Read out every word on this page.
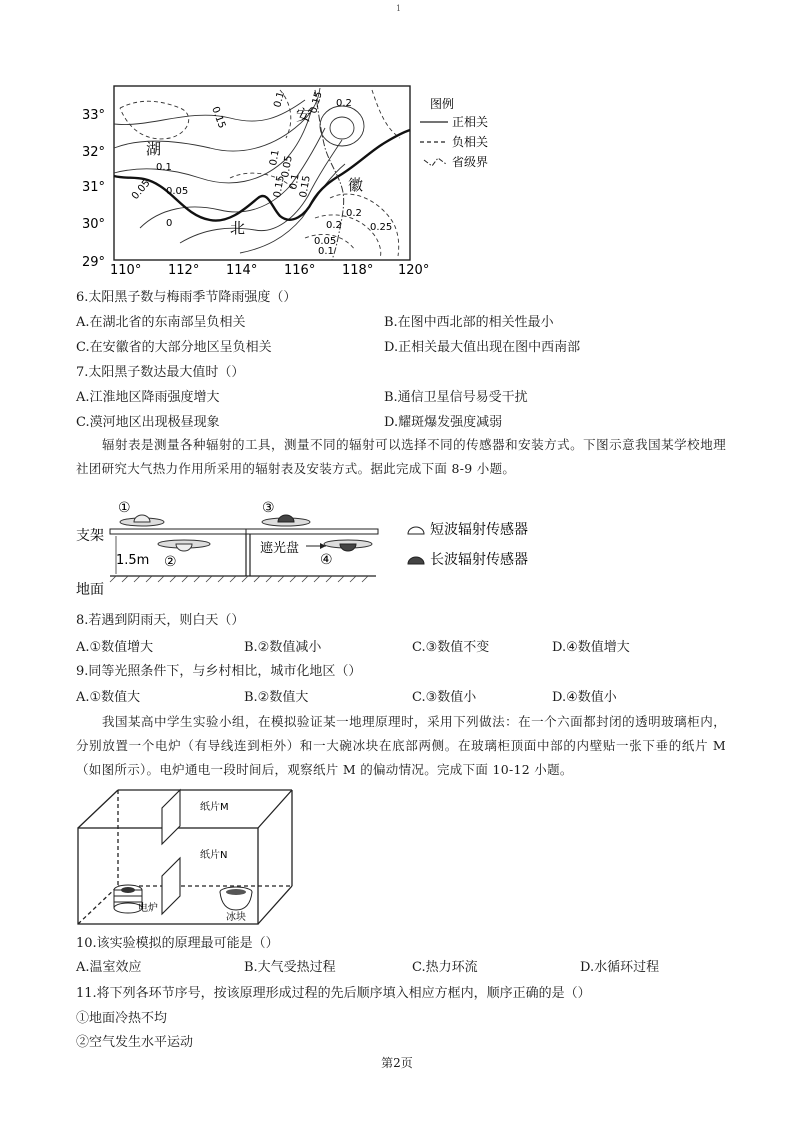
1
33°
32°
31°
30°
29°
110° 112° 114° 116° 118° 120°
湖
北
安
徽
0.15
0.1
0.05
0
0.1 0.15 0.2
0.2
0.25
0.05
0.1
0.15
0.2
0.1
0.15
0.05
0.1
0.05
图例
正相关
负相关
省级界
6.太阳黑子数与梅雨季节降雨强度（）
A.在湖北省的东南部呈负相关	B.在图中西北部的相关性最小
C.在安徽省的大部分地区呈负相关	D.正相关最大值出现在图中西南部
7.太阳黑子数达最大值时（）
A.江淮地区降雨强度增大	B.通信卫星信号易受干扰
C.漠河地区出现极昼现象	D.耀斑爆发强度减弱
辐射表是测量各种辐射的工具，测量不同的辐射可以选择不同的传感器和安装方式。下图示意我国某学校地理社团研究大气热力作用所采用的辐射表及安装方式。据此完成下面 8-9 小题。
①
②
1.5m
③
④
遮光盘
支架
地面
短波辐射传感器
长波辐射传感器
8.若遇到阴雨天，则白天（）
A.①数值增大	B.②数值减小	C.③数值不变	D.④数值增大
9.同等光照条件下，与乡村相比，城市化地区（）
A.①数值大	B.②数值大	C.③数值小	D.④数值小
我国某高中学生实验小组，在模拟验证某一地理原理时，采用下列做法：在一个六面都封闭的透明玻璃柜内，分别放置一个电炉（有导线连到柜外）和一大碗冰块在底部两侧。在玻璃柜顶面中部的内壁贴一张下垂的纸片 M（如图所示）。电炉通电一段时间后，观察纸片 M 的偏动情况。完成下面 10-12 小题。
纸片M
纸片N
电炉
冰块
10.该实验模拟的原理最可能是（）
A.温室效应	B.大气受热过程	C.热力环流	D.水循环过程
11.将下列各环节序号，按该原理形成过程的先后顺序填入相应方框内，顺序正确的是（）
①地面冷热不均
②空气发生水平运动
第2页
